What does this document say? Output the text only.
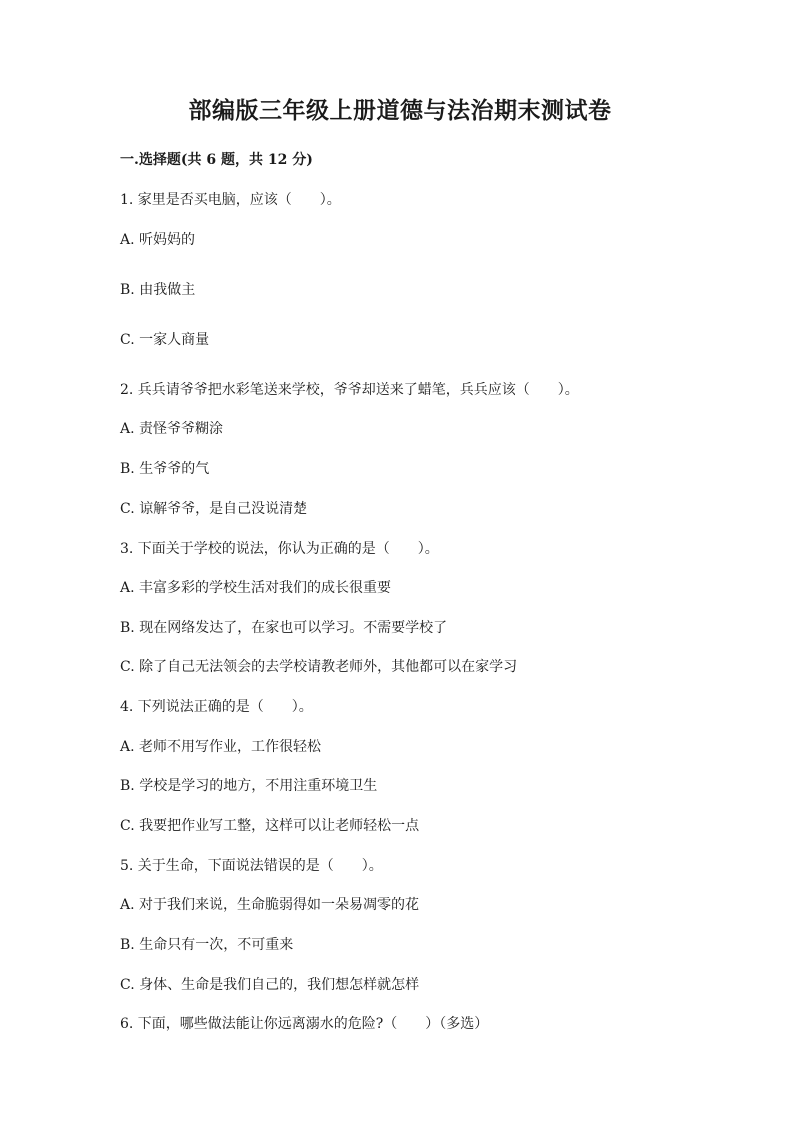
部编版三年级上册道德与法治期末测试卷
一.选择题(共 6 题，共 12 分)
1. 家里是否买电脑，应该（　　）。
A. 听妈妈的
B. 由我做主
C. 一家人商量
2. 兵兵请爷爷把水彩笔送来学校，爷爷却送来了蜡笔，兵兵应该（　　）。
A. 责怪爷爷糊涂
B. 生爷爷的气
C. 谅解爷爷，是自己没说清楚
3. 下面关于学校的说法，你认为正确的是（　　）。
A. 丰富多彩的学校生活对我们的成长很重要
B. 现在网络发达了，在家也可以学习。不需要学校了
C. 除了自己无法领会的去学校请教老师外，其他都可以在家学习
4. 下列说法正确的是（　　）。
A. 老师不用写作业，工作很轻松
B. 学校是学习的地方，不用注重环境卫生
C. 我要把作业写工整，这样可以让老师轻松一点
5. 关于生命，下面说法错误的是（　　）。
A. 对于我们来说，生命脆弱得如一朵易凋零的花
B. 生命只有一次，不可重来
C. 身体、生命是我们自己的，我们想怎样就怎样
6. 下面，哪些做法能让你远离溺水的危险?（　　）（多选）
